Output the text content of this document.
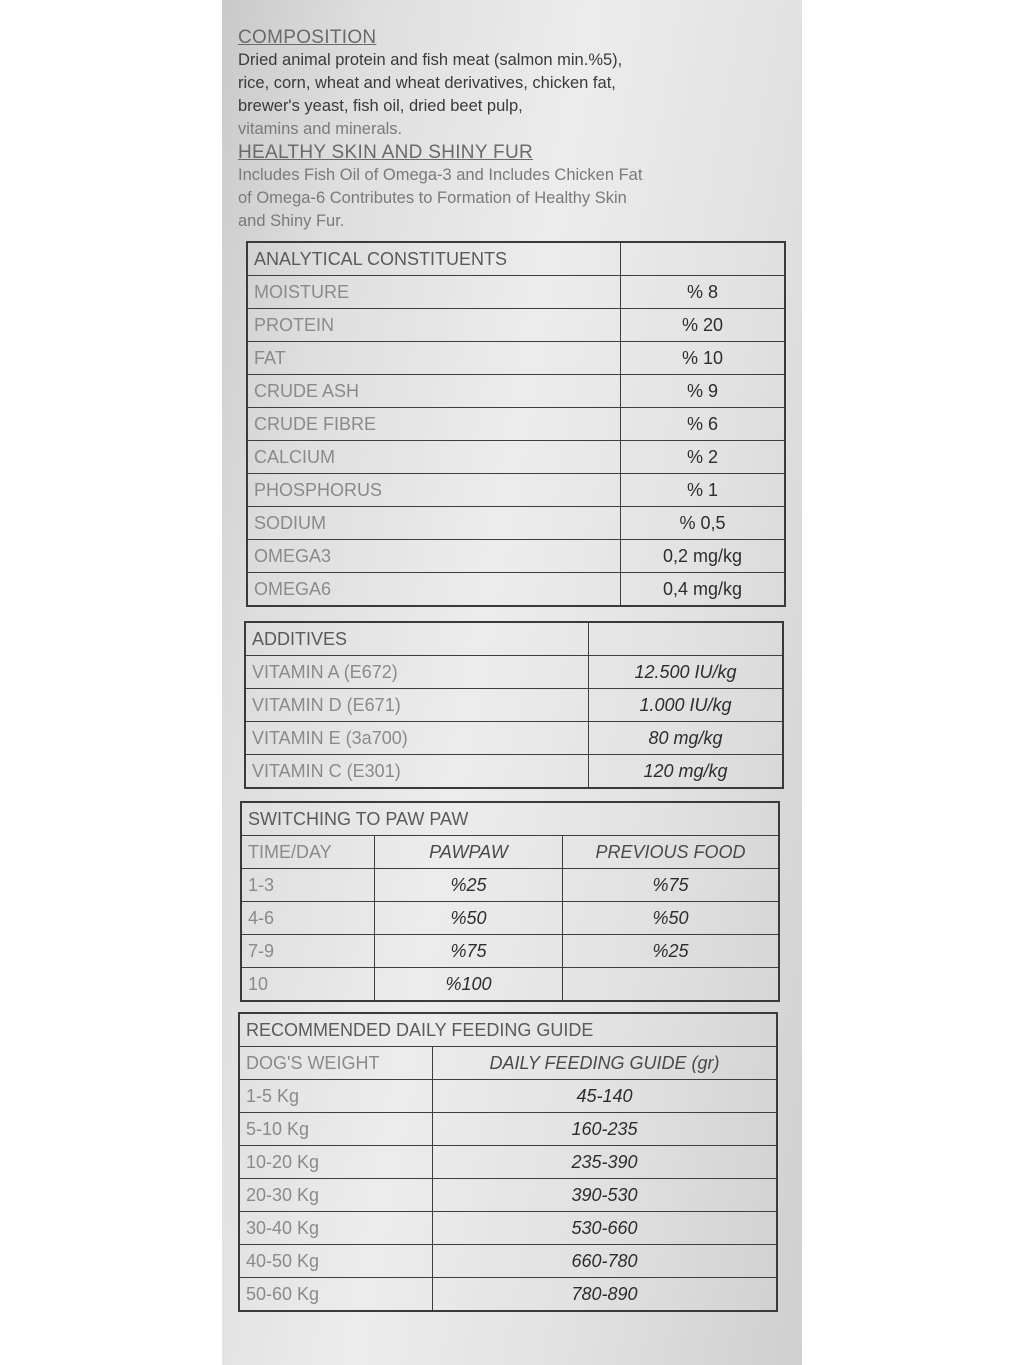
COMPOSITION
Dried animal protein and fish meat (salmon min.%5),
rice, corn, wheat and wheat derivatives, chicken fat,
brewer's yeast, fish oil, dried beet pulp,
vitamins and minerals.
HEALTHY SKIN AND SHINY FUR
Includes Fish Oil of Omega-3 and Includes Chicken Fat
of Omega-6 Contributes to Formation of Healthy Skin
and Shiny Fur.
ANALYTICAL CONSTITUENTS	
MOISTURE	% 8
PROTEIN	% 20
FAT	% 10
CRUDE ASH	% 9
CRUDE FIBRE	% 6
CALCIUM	% 2
PHOSPHORUS	% 1
SODIUM	% 0,5
OMEGA3	0,2 mg/kg
OMEGA6	0,4 mg/kg
ADDITIVES	
VITAMIN A (E672)	12.500 IU/kg
VITAMIN D (E671)	1.000 IU/kg
VITAMIN E (3a700)	80 mg/kg
VITAMIN C (E301)	120 mg/kg
SWITCHING TO PAW PAW		
TIME/DAY	PAWPAW	PREVIOUS FOOD
1-3	%25	%75
4-6	%50	%50
7-9	%75	%25
10	%100	
RECOMMENDED DAILY FEEDING GUIDE	
DOG'S WEIGHT	DAILY FEEDING GUIDE (gr)
1-5 Kg	45-140
5-10 Kg	160-235
10-20 Kg	235-390
20-30 Kg	390-530
30-40 Kg	530-660
40-50 Kg	660-780
50-60 Kg	780-890
